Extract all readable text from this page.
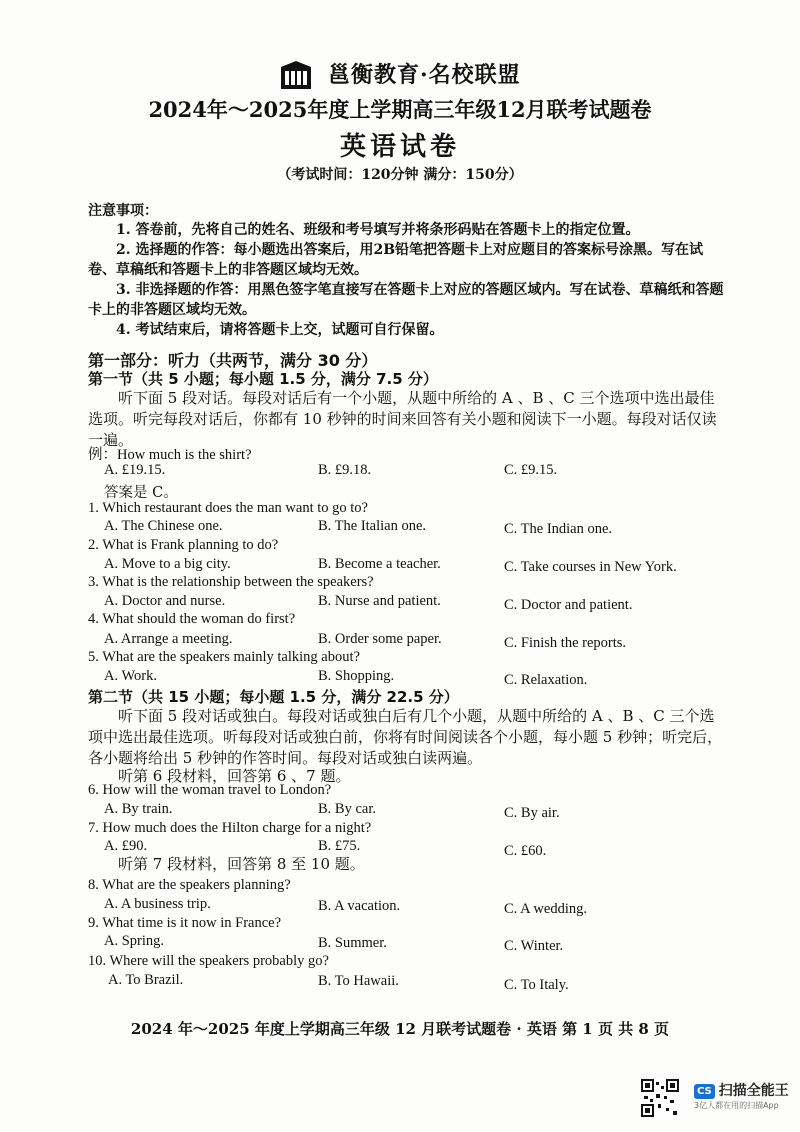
邕衡教育·名校联盟
2024年～2025年度上学期高三年级12月联考试题卷
英语试卷
（考试时间：120分钟 满分：150分）
注意事项：
1. 答卷前，先将自己的姓名、班级和考号填写并将条形码贴在答题卡上的指定位置。
2. 选择题的作答：每小题选出答案后，用2B铅笔把答题卡上对应题目的答案标号涂黑。写在试卷、草稿纸和答题卡上的非答题区域均无效。
3. 非选择题的作答：用黑色签字笔直接写在答题卡上对应的答题区域内。写在试卷、草稿纸和答题卡上的非答题区域均无效。
4. 考试结束后，请将答题卡上交，试题可自行保留。
第一部分：听力（共两节，满分 30 分）
第一节（共 5 小题；每小题 1.5 分，满分 7.5 分）
听下面 5 段对话。每段对话后有一个小题，从题中所给的 A 、B 、C 三个选项中选出最佳选项。听完每段对话后，你都有 10 秒钟的时间来回答有关小题和阅读下一小题。每段对话仅读一遍。
例：How much is the shirt?
A. £19.15.	B. £9.18.	C. £9.15.
答案是 C。
1. Which restaurant does the man want to go to?
A. The Chinese one.	B. The Italian one.	C. The Indian one.
2. What is Frank planning to do?
A. Move to a big city.	B. Become a teacher.	C. Take courses in New York.
3. What is the relationship between the speakers?
A. Doctor and nurse.	B. Nurse and patient.	C. Doctor and patient.
4. What should the woman do first?
A. Arrange a meeting.	B. Order some paper.	C. Finish the reports.
5. What are the speakers mainly talking about?
A. Work.	B. Shopping.	C. Relaxation.
第二节（共 15 小题；每小题 1.5 分，满分 22.5 分）
听下面 5 段对话或独白。每段对话或独白后有几个小题，从题中所给的 A 、B 、C 三个选项中选出最佳选项。听每段对话或独白前，你将有时间阅读各个小题，每小题 5 秒钟；听完后，各小题将给出 5 秒钟的作答时间。每段对话或独白读两遍。
听第 6 段材料，回答第 6 、7 题。
6. How will the woman travel to London?
A. By train.	B. By car.	C. By air.
7. How much does the Hilton charge for a night?
A. £90.	B. £75.	C. £60.
听第 7 段材料，回答第 8 至 10 题。
8. What are the speakers planning?
A. A business trip.	B. A vacation.	C. A wedding.
9. What time is it now in France?
A. Spring.	B. Summer.	C. Winter.
10. Where will the speakers probably go?
A. To Brazil.	B. To Hawaii.	C. To Italy.
2024 年～2025 年度上学期高三年级 12 月联考试题卷 · 英语 第 1 页 共 8 页
CS 扫描全能王
3亿人都在用的扫描App
